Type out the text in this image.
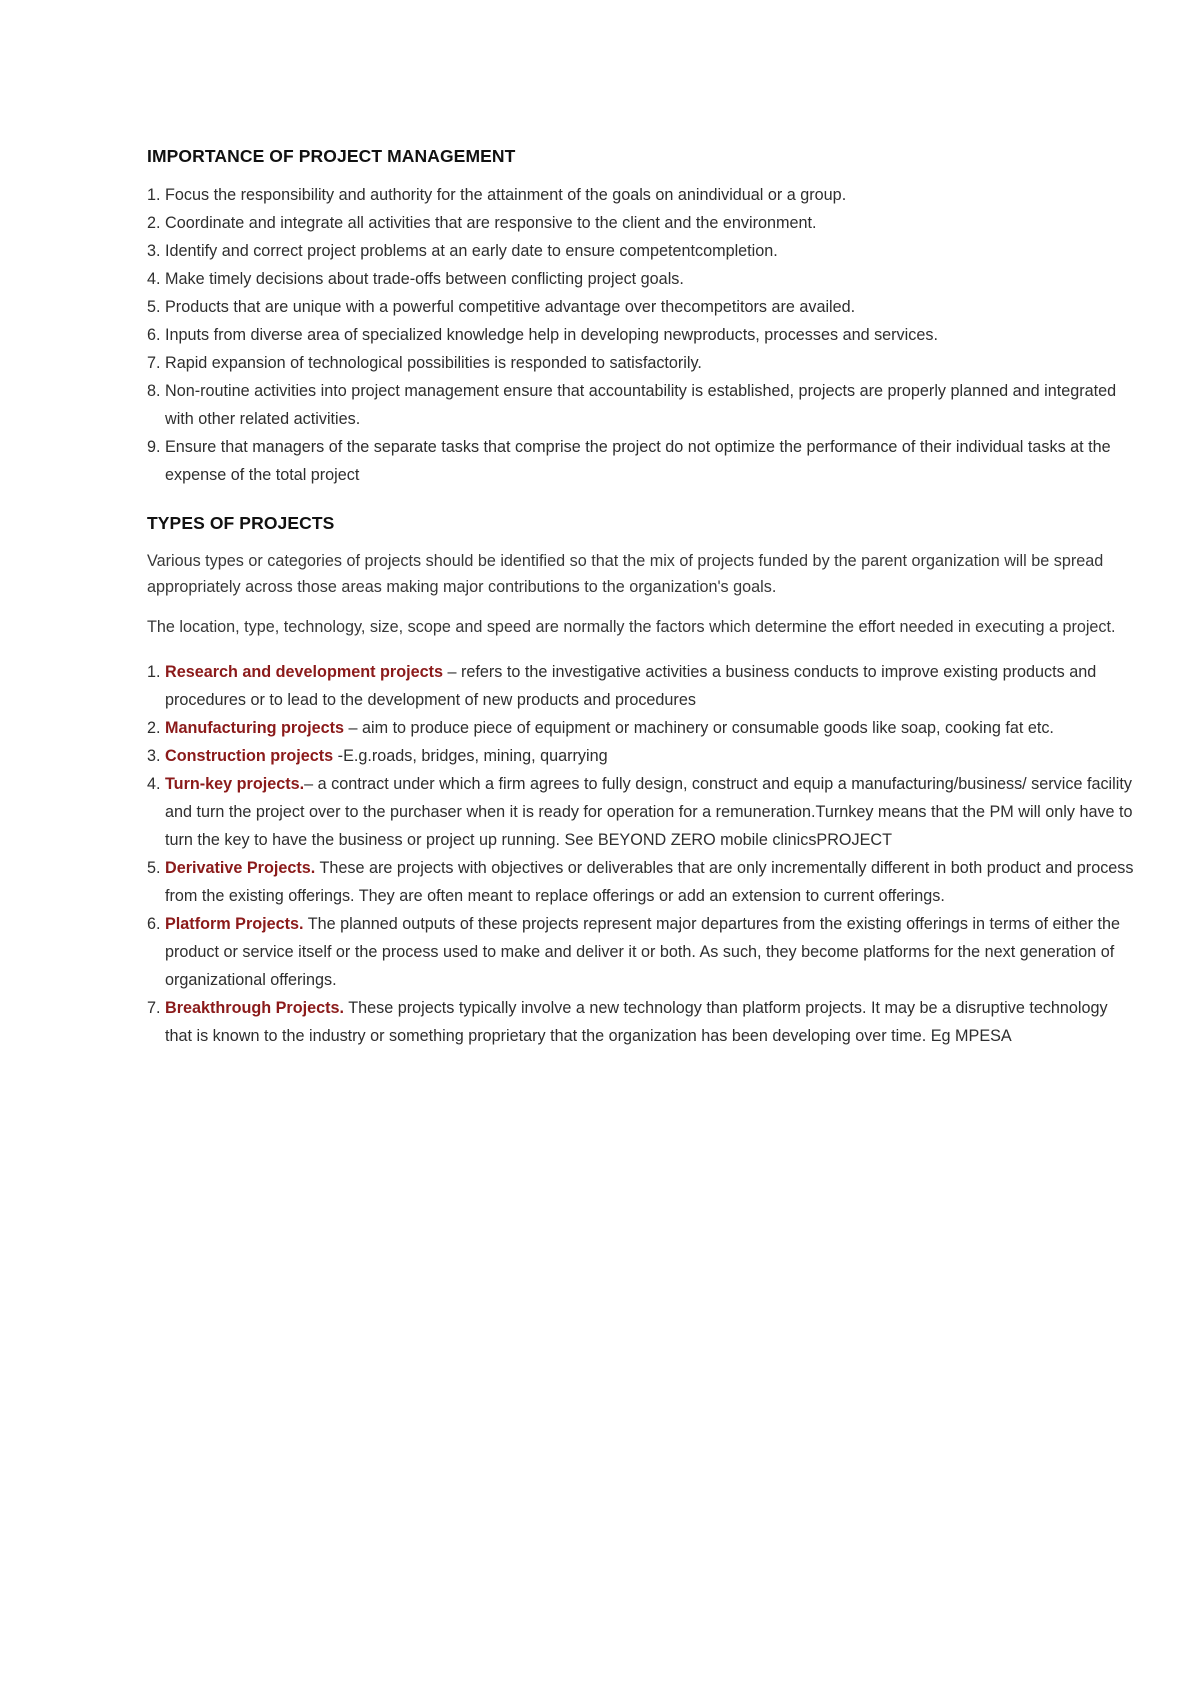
IMPORTANCE OF PROJECT MANAGEMENT
1. Focus the responsibility and authority for the attainment of the goals on anindividual or a group.
2. Coordinate and integrate all activities that are responsive to the client and the environment.
3. Identify and correct project problems at an early date to ensure competentcompletion.
4. Make timely decisions about trade-offs between conflicting project goals.
5. Products that are unique with a powerful competitive advantage over thecompetitors are availed.
6. Inputs from diverse area of specialized knowledge help in developing newproducts, processes and services.
7. Rapid expansion of technological possibilities is responded to satisfactorily.
8. Non-routine activities into project management ensure that accountability is established, projects are properly planned and integrated with other related activities.
9. Ensure that managers of the separate tasks that comprise the project do not optimize the performance of their individual tasks at the expense of the total project
TYPES OF PROJECTS

Various types or categories of projects should be identified so that the mix of projects funded by the parent organization will be spread appropriately across those areas making major contributions to the organization's goals.

The location, type, technology, size, scope and speed are normally the factors which determine the effort needed in executing a project.

1. Research and development projects – refers to the investigative activities a business conducts to improve existing products and procedures or to lead to the development of new products and procedures
2. Manufacturing projects – aim to produce piece of equipment or machinery or consumable goods like soap, cooking fat etc.
3. Construction projects -E.g.roads, bridges, mining, quarrying
4. Turn-key projects.– a contract under which a firm agrees to fully design, construct and equip a manufacturing/business/ service facility and turn the project over to the purchaser when it is ready for operation for a remuneration.Turnkey means that the PM will only have to turn the key to have the business or project up running. See BEYOND ZERO mobile clinicsPROJECT
5. Derivative Projects. These are projects with objectives or deliverables that are only incrementally different in both product and process from the existing offerings. They are often meant to replace offerings or add an extension to current offerings.
6. Platform Projects. The planned outputs of these projects represent major departures from the existing offerings in terms of either the product or service itself or the process used to make and deliver it or both. As such, they become platforms for the next generation of organizational offerings.
7. Breakthrough Projects. These projects typically involve a new technology than platform projects. It may be a disruptive technology that is known to the industry or something proprietary that the organization has been developing over time. Eg MPESA
